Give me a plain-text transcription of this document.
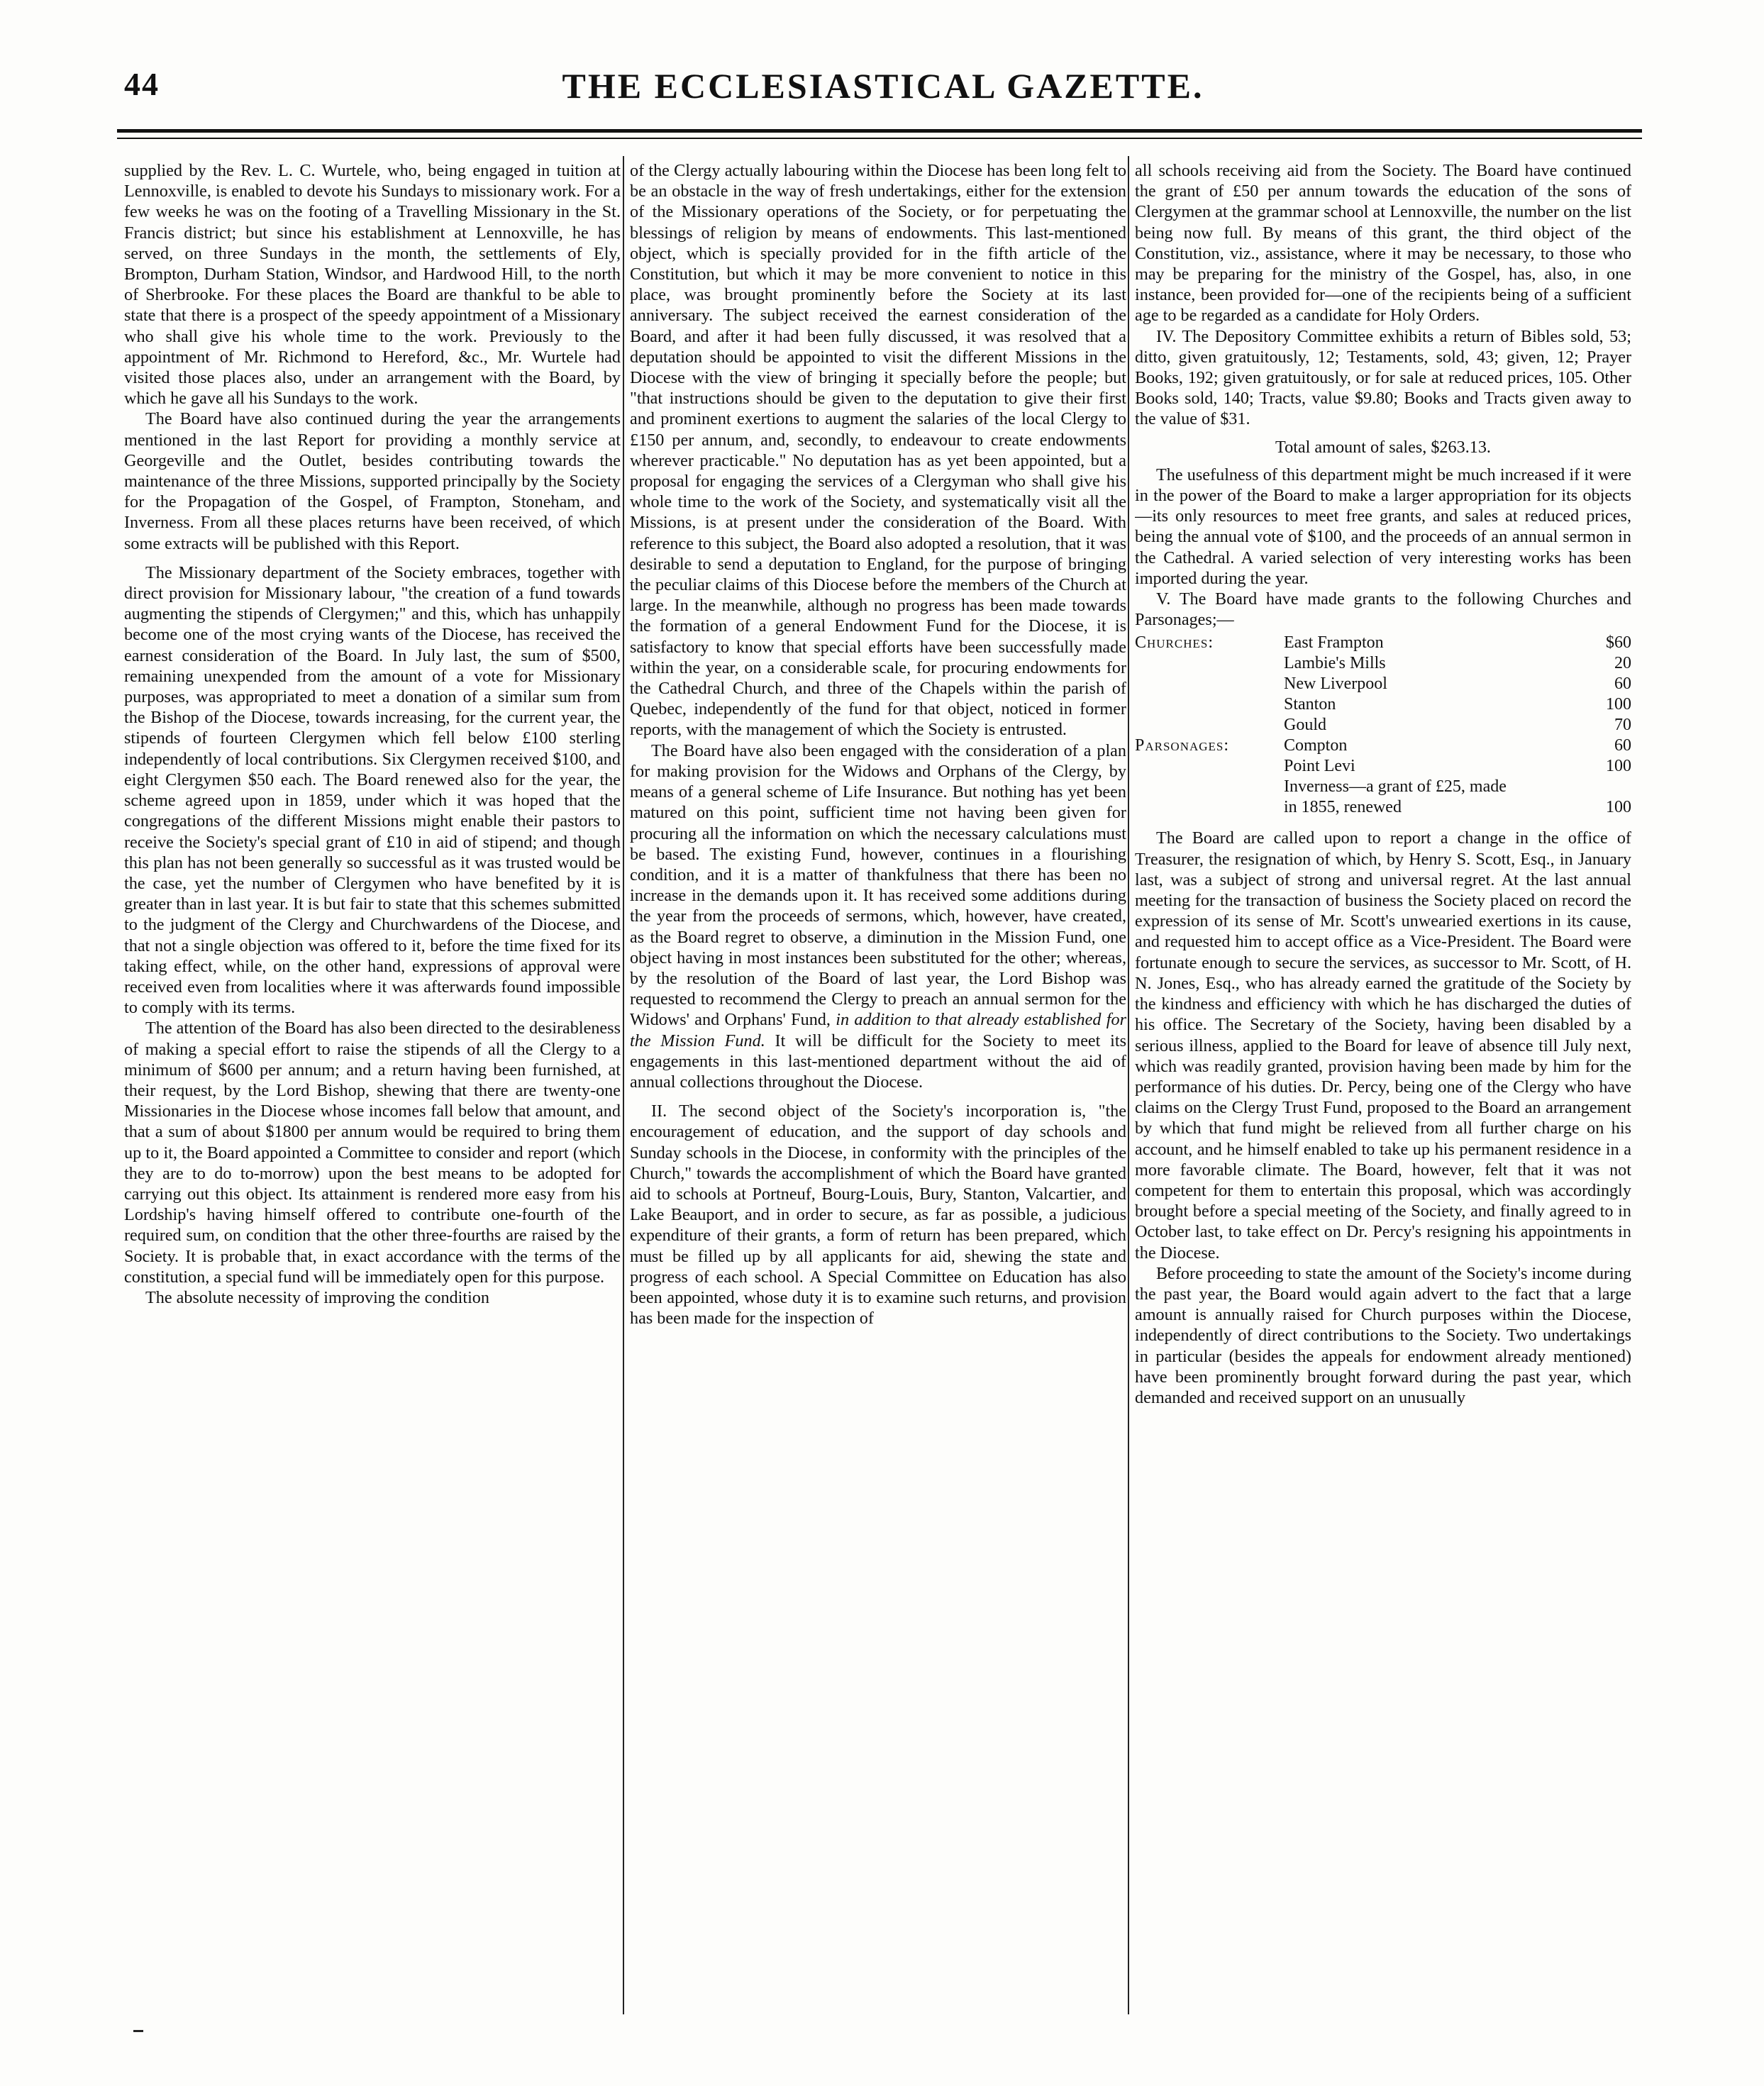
44	THE ECCLESIASTICAL GAZETTE.

supplied by the Rev. L. C. Wurtele, who, being engaged in tuition at Lennoxville, is enabled to devote his Sundays to missionary work. For a few weeks he was on the footing of a Travelling Missionary in the St. Francis district; but since his establishment at Lennoxville, he has served, on three Sundays in the month, the settlements of Ely, Brompton, Durham Station, Windsor, and Hardwood Hill, to the north of Sherbrooke. For these places the Board are thankful to be able to state that there is a prospect of the speedy appointment of a Missionary who shall give his whole time to the work. Previously to the appointment of Mr. Richmond to Hereford, &c., Mr. Wurtele had visited those places also, under an arrangement with the Board, by which he gave all his Sundays to the work.

The Board have also continued during the year the arrangements mentioned in the last Report for providing a monthly service at Georgeville and the Outlet, besides contributing towards the maintenance of the three Missions, supported principally by the Society for the Propagation of the Gospel, of Frampton, Stoneham, and Inverness. From all these places returns have been received, of which some extracts will be published with this Report.

The Missionary department of the Society embraces, together with direct provision for Missionary labour, "the creation of a fund towards augmenting the stipends of Clergymen;" and this, which has unhappily become one of the most crying wants of the Diocese, has received the earnest consideration of the Board. In July last, the sum of $500, remaining unexpended from the amount of a vote for Missionary purposes, was appropriated to meet a donation of a similar sum from the Bishop of the Diocese, towards increasing, for the current year, the stipends of fourteen Clergymen which fell below £100 sterling independently of local contributions. Six Clergymen received $100, and eight Clergymen $50 each. The Board renewed also for the year, the scheme agreed upon in 1859, under which it was hoped that the congregations of the different Missions might enable their pastors to receive the Society's special grant of £10 in aid of stipend; and though this plan has not been generally so successful as it was trusted would be the case, yet the number of Clergymen who have benefited by it is greater than in last year. It is but fair to state that this schemes submitted to the judgment of the Clergy and Churchwardens of the Diocese, and that not a single objection was offered to it, before the time fixed for its taking effect, while, on the other hand, expressions of approval were received even from localities where it was afterwards found impossible to comply with its terms.

The attention of the Board has also been directed to the desirableness of making a special effort to raise the stipends of all the Clergy to a minimum of $600 per annum; and a return having been furnished, at their request, by the Lord Bishop, shewing that there are twenty-one Missionaries in the Diocese whose incomes fall below that amount, and that a sum of about $1800 per annum would be required to bring them up to it, the Board appointed a Committee to consider and report (which they are to do to-morrow) upon the best means to be adopted for carrying out this object. Its attainment is rendered more easy from his Lordship's having himself offered to contribute one-fourth of the required sum, on condition that the other three-fourths are raised by the Society. It is probable that, in exact accordance with the terms of the constitution, a special fund will be immediately open for this purpose.

The absolute necessity of improving the condition

of the Clergy actually labouring within the Diocese has been long felt to be an obstacle in the way of fresh undertakings, either for the extension of the Missionary operations of the Society, or for perpetuating the blessings of religion by means of endowments. This last-mentioned object, which is specially provided for in the fifth article of the Constitution, but which it may be more convenient to notice in this place, was brought prominently before the Society at its last anniversary. The subject received the earnest consideration of the Board, and after it had been fully discussed, it was resolved that a deputation should be appointed to visit the different Missions in the Diocese with the view of bringing it specially before the people; but "that instructions should be given to the deputation to give their first and prominent exertions to augment the salaries of the local Clergy to £150 per annum, and, secondly, to endeavour to create endowments wherever practicable." No deputation has as yet been appointed, but a proposal for engaging the services of a Clergyman who shall give his whole time to the work of the Society, and systematically visit all the Missions, is at present under the consideration of the Board. With reference to this subject, the Board also adopted a resolution, that it was desirable to send a deputation to England, for the purpose of bringing the peculiar claims of this Diocese before the members of the Church at large. In the meanwhile, although no progress has been made towards the formation of a general Endowment Fund for the Diocese, it is satisfactory to know that special efforts have been successfully made within the year, on a considerable scale, for procuring endowments for the Cathedral Church, and three of the Chapels within the parish of Quebec, independently of the fund for that object, noticed in former reports, with the management of which the Society is entrusted.

The Board have also been engaged with the consideration of a plan for making provision for the Widows and Orphans of the Clergy, by means of a general scheme of Life Insurance. But nothing has yet been matured on this point, sufficient time not having been given for procuring all the information on which the necessary calculations must be based. The existing Fund, however, continues in a flourishing condition, and it is a matter of thankfulness that there has been no increase in the demands upon it. It has received some additions during the year from the proceeds of sermons, which, however, have created, as the Board regret to observe, a diminution in the Mission Fund, one object having in most instances been substituted for the other; whereas, by the resolution of the Board of last year, the Lord Bishop was requested to recommend the Clergy to preach an annual sermon for the Widows' and Orphans' Fund, in addition to that already established for the Mission Fund. It will be difficult for the Society to meet its engagements in this last-mentioned department without the aid of annual collections throughout the Diocese.

II. The second object of the Society's incorporation is, "the encouragement of education, and the support of day schools and Sunday schools in the Diocese, in conformity with the principles of the Church," towards the accomplishment of which the Board have granted aid to schools at Portneuf, Bourg-Louis, Bury, Stanton, Valcartier, and Lake Beauport, and in order to secure, as far as possible, a judicious expenditure of their grants, a form of return has been prepared, which must be filled up by all applicants for aid, shewing the state and progress of each school. A Special Committee on Education has also been appointed, whose duty it is to examine such returns, and provision has been made for the inspection of

all schools receiving aid from the Society. The Board have continued the grant of £50 per annum towards the education of the sons of Clergymen at the grammar school at Lennoxville, the number on the list being now full. By means of this grant, the third object of the Constitution, viz., assistance, where it may be necessary, to those who may be preparing for the ministry of the Gospel, has, also, in one instance, been provided for—one of the recipients being of a sufficient age to be regarded as a candidate for Holy Orders.

IV. The Depository Committee exhibits a return of Bibles sold, 53; ditto, given gratuitously, 12; Testaments, sold, 43; given, 12; Prayer Books, 192; given gratuitously, or for sale at reduced prices, 105. Other Books sold, 140; Tracts, value $9.80; Books and Tracts given away to the value of $31.

Total amount of sales, $263.13.

The usefulness of this department might be much increased if it were in the power of the Board to make a larger appropriation for its objects—its only resources to meet free grants, and sales at reduced prices, being the annual vote of $100, and the proceeds of an annual sermon in the Cathedral. A varied selection of very interesting works has been imported during the year.

V. The Board have made grants to the following Churches and Parsonages;—

Churches:	East Frampton	$60
	Lambie's Mills	20
	New Liverpool	60
	Stanton	100
	Gould	70
Parsonages:	Compton	60
	Point Levi	100
	Inverness—a grant of £25, made	
	in 1855, renewed	100

The Board are called upon to report a change in the office of Treasurer, the resignation of which, by Henry S. Scott, Esq., in January last, was a subject of strong and universal regret. At the last annual meeting for the transaction of business the Society placed on record the expression of its sense of Mr. Scott's unwearied exertions in its cause, and requested him to accept office as a Vice-President. The Board were fortunate enough to secure the services, as successor to Mr. Scott, of H. N. Jones, Esq., who has already earned the gratitude of the Society by the kindness and efficiency with which he has discharged the duties of his office. The Secretary of the Society, having been disabled by a serious illness, applied to the Board for leave of absence till July next, which was readily granted, provision having been made by him for the performance of his duties. Dr. Percy, being one of the Clergy who have claims on the Clergy Trust Fund, proposed to the Board an arrangement by which that fund might be relieved from all further charge on his account, and he himself enabled to take up his permanent residence in a more favorable climate. The Board, however, felt that it was not competent for them to entertain this proposal, which was accordingly brought before a special meeting of the Society, and finally agreed to in October last, to take effect on Dr. Percy's resigning his appointments in the Diocese.

Before proceeding to state the amount of the Society's income during the past year, the Board would again advert to the fact that a large amount is annually raised for Church purposes within the Diocese, independently of direct contributions to the Society. Two undertakings in particular (besides the appeals for endowment already mentioned) have been prominently brought forward during the past year, which demanded and received support on an unusually
